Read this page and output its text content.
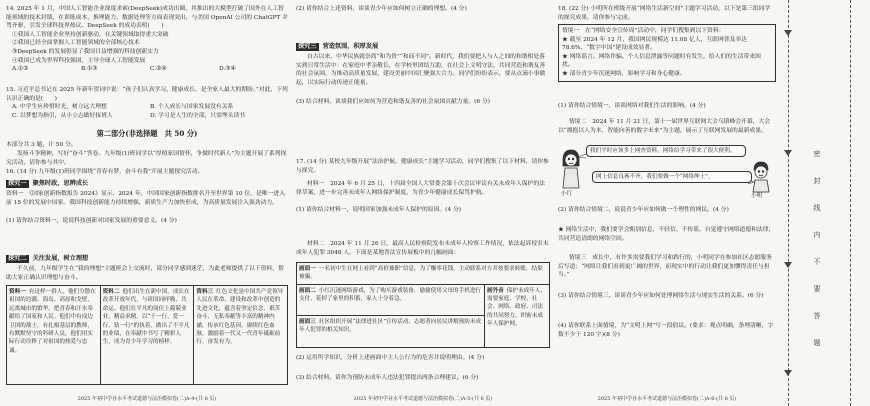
14. 2025 年 1 月，中国人工智能企业深度求索(DeepSeek)成功出圈，其推出的大模型打破了国外在人工智能领域的技术封锁，在训练成本、推理能力、数据处理等方面表现突出，与美国 OpenAI 公司的 ChatGPT 并驾齐驱，引发全球科技界热议。DeepSeek 的成功表明(　　)

①我国人工智能企业坚持创新驱动，在关键领域取得重大突破

②我国已经全面掌握人工智能领域的全部核心技术

③DeepSeek 的发展彰显了我国日益增强的科技创新实力

④我国已成为世界科技强国，主导全球人工智能发展

A.①②	B.①③	C.②④	D.③④

15. 习近平总书记在 2025 年新年贺词中说：“孩子们认真学习、健康成长，是全家人最大的期盼。”对此，下列认识正确的是(　　)

A. 中学生应珍惜时光，树立远大理想	B. 个人成长与国家发展没有关系
C. 以梦想为指引，从小立志做好接班人	D. 学习是人生的全部，只需埋头读书
第二部分(非选择题　共 50 分)
本部分共 3 题，计 50 分。
发扬斗争精神，写好“奋斗”答卷。九年级(1)班同学以“厚植家国情怀，争做时代新人”为主题开展了系列探究活动，请你参与其中。
16. (14 分) 九年级(1)班同学围绕“青春有梦，奋斗有我”开展主题探究活动。
探究一 聚焦时政，思辨成长
资料一　《国家创新指数报告 2024》显示，2024 年，中国国家创新指数排名升至世界第 10 位，是唯一进入前 15 位的发展中国家。我国科技创新能力持续增强，新质生产力加快形成，为高质量发展注入强劲动力。
(1) 请你结合资料一，说说科技创新对国家发展的重要意义。(4 分)
探究二 关注发展，树立理想
不久前，九年级学生在“我的理想”主题班会上交流时，部分同学感到迷茫，为此老师提供了以下资料，帮助大家正确认识理想与奋斗。
资料一 有这样一群人，他们分散在祖国的边疆、海岛、高原和戈壁，远离城市的繁华，把青春和汗水奉献给了国家和人民。他们中有戍边卫国的战士，有扎根基层的教师，有默默坚守的科研人员，他们用实际行动诠释了对祖国的热爱与忠诚。
资料二 他们出生在新中国，成长在改革开放年代，与祖国同呼吸、共命运。他们在平凡的岗位上兢兢业业、精益求精，以“干一行、爱一行、钻一行”的执着，做出了不平凡的业绩，在奉献中书写了精彩人生，成为青少年学习的榜样。
资料三 红色文化是中国共产党领导人民在革命、建设和改革中创造的先进文化，蕴含着坚定信念、艰苦奋斗、无私奉献等丰富的精神内涵。传承红色基因，赓续红色血脉，激励着一代又一代青年砥砺前行、奋发有为。
2025 年初中学业水平考试道德与法治模拟卷(二)A-4-(共 6 页)
(2) 请你结合上述资料，谈谈青少年应如何树立正确的理想。(4 分)
探究三 营造氛围，积厚发展
自古以来，中华民族就崇尚“和为贵”“和而不同”。新时代，我们要把人与人之间的和谐相处落实到日常生活中：在家庭中孝亲敬长，在学校里团结互助，在社会上文明守法，共同营造和谐友善的社会氛围，为推动高质量发展、建设美丽中国汇聚强大合力。同学们纷纷表示，要从点滴小事做起，以实际行动传递正能量。
(3) 结合材料，谈谈我们应如何为营造和谐友善的社会氛围贡献力量。(6 分)
17. (14 分) 某校九年级开展“法治护航，健康成长”主题学习活动，同学们搜集了以下材料，请你参与探究。
材料一　2024 年 6 月 25 日，十四届全国人大常委会第十次会议审议有关未成年人保护的法律草案，进一步完善未成年人网络保护制度，为青少年健康成长保驾护航。
(1) 请你结合材料一，说明国家加强未成年人保护的原因。(4 分)
材料二　2024 年 11 月 26 日，最高人民检察院发布未成年人检察工作情况，依法起诉侵害未成年人犯罪 3046 人。下面是某地普法宣传展板中的几幅画面：
画面一 一名初中生在网上看到“高价兼职”信息，为了赚零花钱，主动联系对方并按要求转账，结果被骗。
画面二 小红沉迷网络游戏，为了购买游戏装备，偷偷使用父母的手机进行支付，花掉了家里的积蓄，家人十分着急。
画面三 社区组织开展“法律进社区”宣传活动，志愿者向居民讲解预防未成年人犯罪的相关知识。
画外音 保护未成年人，需要家庭、学校、社会、网络、政府、司法的共同努力，织密未成年人保护网。
(2) 运用所学知识，分析上述画面中主人公行为的危害并说明理由。(4 分)
(3) 结合材料，请你为预防未成年人违法犯罪提出两条合理建议。(6 分)
2025 年初中学业水平考试道德与法治模拟卷(二)A-5-(共 6 页)
18. (22 分) 小明所在班级开展“网络生活新空间”主题学习活动，以下是第三组同学的探究成果，请你参与完成。

情境一　在“网络安全宣传周”活动中，同学们搜集到以下资料：

★ 截至 2024 年 12 月，我国网民规模达 11.08 亿人，互联网普及率达 78.6%，“数字中国”建设成效显著。

★ 网络谣言、网络诈骗、个人信息泄露等问题时有发生，给人们的生活带来困扰。

★ 部分青少年沉迷网络，影响学习和身心健康。

(1) 请你结合情境一，谈谈网络对我们生活的影响。(4 分)
情境二　2024 年 11 月 21 日，第十一届世界互联网大会乌镇峰会开幕，大会以“拥抱以人为本、智能向善的数字未来”为主题，展示了互联网发展的最新成果。
我们平时应该多上网查资料，网络给学习带来了很大便利。
网上信息良莠不齐，我们要做一个“网络绅士”。
小红	小明
(2) 请你结合情境二，说说青少年应如何做一个理性的网民。(4 分)
★ 网络生活中，我们要学会甄别信息，不轻信、不传谣，自觉遵守网络道德和法律，共同营造清朗的网络空间。
情境三　成长中，有许多需要我们学习和践行的，小明同学在参加社区志愿服务后写道：“网络让我们看到更广阔的世界，而现实中的行动让我们更加懂得责任与担当。”
(3) 请你结合情境三，谈谈青少年应如何处理网络生活与现实生活的关系。(6 分)
(4) 请你联系上面情境，为“文明上网”写一段倡议。(要求：观点明确，条理清晰，字数不少于 120 字)(8 分)
2025 年初中学业水平考试道德与法治模拟卷(二)A-6-(共 6 页)
密封线内不要答题
